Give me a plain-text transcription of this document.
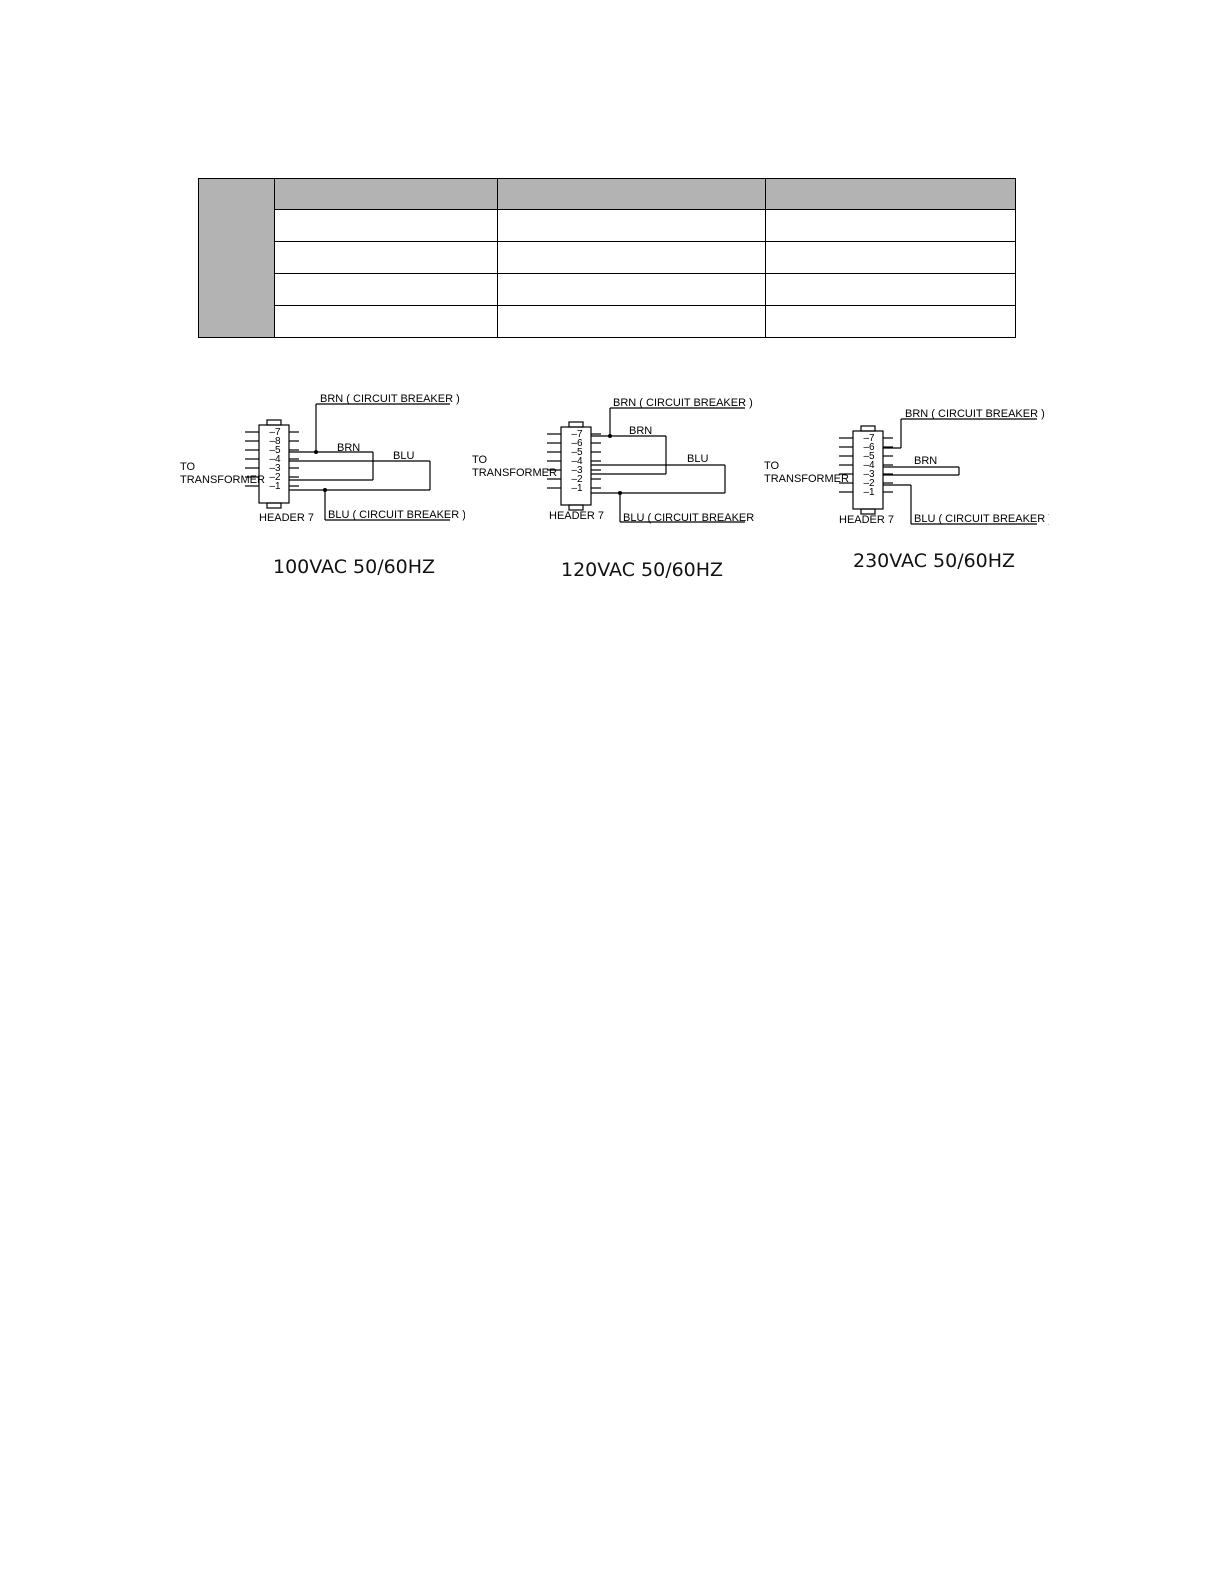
–7
–8
–5
–4
–3
–2
–1
BRN ( CIRCUIT BREAKER )
BRN
BLU
BLU ( CIRCUIT BREAKER )
TO
TRANSFORMER
HEADER 7
100VAC 50/60HZ
–7
–6
–5
–4
–3
–2
–1
BRN ( CIRCUIT BREAKER )
BRN
BLU
BLU ( CIRCUIT BREAKER )
TO
TRANSFORMER
HEADER 7
120VAC 50/60HZ
–7
–6
–5
–4
–3
–2
–1
BRN ( CIRCUIT BREAKER )
BRN
BLU ( CIRCUIT BREAKER )
TO
TRANSFORMER
HEADER 7
230VAC 50/60HZ
